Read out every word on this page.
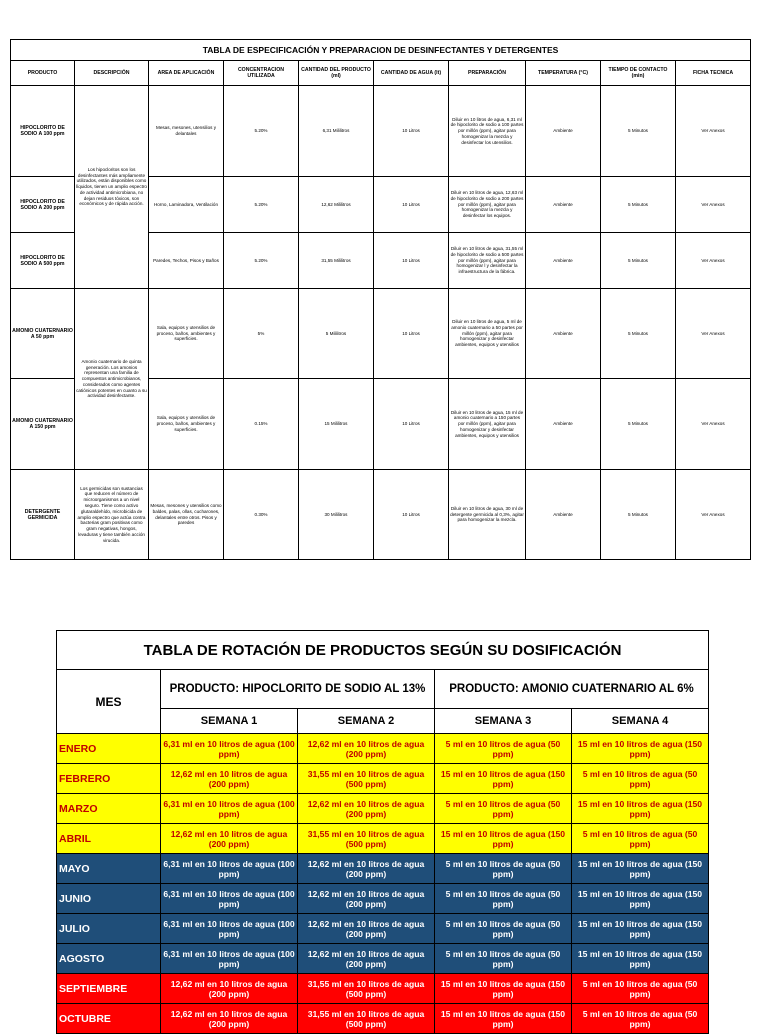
TABLA DE ESPECIFICACIÓN Y PREPARACION DE DESINFECTANTES Y DETERGENTES									
PRODUCTO	DESCRIPCIÓN	AREA DE APLICACIÓN	CONCENTRACION UTILIZADA	CANTIDAD DEL PRODUCTO (ml)	CANTIDAD DE AGUA (lt)	PREPARACIÓN	TEMPERATURA (°C)	TIEMPO DE CONTACTO (min)	FICHA TECNICA
HIPOCLORITO DE SODIO A 100 ppm	Los hipocloritos son los desinfectantes más ampliamente utilizados, están disponibles como líquidos, tienen un amplio espectro de actividad antimicrobiana, no dejan residuos tóxicos, son económicos y de rápida acción.	Mesas, mesones, utensilios y delantales	5.20%	6,31 Mililitros	10 Litros	Diluir en 10 litros de agua, 6,31 ml de hipoclorito de sodio a 100 partes por millón (ppm), agitar para homogenizar la mezcla y desinfectar los utensilios.	Ambiente	5 Minutos	Ver Anexos
HIPOCLORITO DE SODIO A 200 ppm		Horno, Laminadora, Ventilación	5.20%	12,62 Mililitros	10 Litros	Diluir en 10 litros de agua, 12,63 ml de hipoclorito de sodio a 200 partes por millón (ppm), agitar para homogenizar la mezcla y desinfectar los equipos.	Ambiente	5 Minutos	Ver Anexos
HIPOCLORITO DE SODIO A 500 ppm		Paredes, Techos, Pisos y Baños	5.20%	31,55 Mililitros	10 Litros	Diluir en 10 litros de agua, 31,55 ml de hipoclorito de sodio a 500 partes por millón (ppm), agitar para homogenizar l y desinfectar la infraestructura de la fábrica.	Ambiente	5 Minutos	Ver Anexos
AMONIO CUATERNARIO A 50 ppm	Amonio cuaternario de quinta generación. Los amonios representan una familia de compuestos antimicrobianos, considerados como agentes catiónicos potentes en cuanto a su actividad desinfectante.	Sala, equipos y utensilios de proceso, baños, ambientes y superficies.	5%	5 Mililitros	10 Litros	Diluir en 10 litros de agua, 5 ml de amonio cuaternario a 50 partes por millón (ppm), agitar para homogenizar y desinfectar ambientes, equipos y utensilios	Ambiente	5 Minutos	Ver Anexos
AMONIO CUATERNARIO A 150 ppm		Sala, equipos y utensilios de proceso, baños, ambientes y superficies.	0.15%	15 Mililitros	10 Litros	Diluir en 10 litros de agua, 15 ml de amonio cuaternario a 150 partes por millón (ppm), agitar para homogenizar y desinfectar ambientes, equipos y utensilios	Ambiente	5 Minutos	Ver Anexos
DETERGENTE GERMICIDA	Los germicidas son sustancias que reducen el número de microorganismos a un nivel seguro. Tiene como activo glutaraldehído, microbicida de amplio espectro que actúa contra bacterias gram positivas como gram negativas, hongos, levaduras y tiene también acción virucida.	Mesas, mesones y utensilios como baldes, palas, ollas, cucharones, delantales entre otros. Pisos y paredes	0.30%	30 Mililitros	10 Litros	Diluir en 10 litros de agua, 30 ml de detergente germicida al 0,3%, agitar para homogenizar la mezcla.	Ambiente	5 Minutos	Ver Anexos
TABLA DE ROTACIÓN DE PRODUCTOS SEGÚN SU DOSIFICACIÓN				
MES	PRODUCTO: HIPOCLORITO DE SODIO AL 13%		PRODUCTO: AMONIO CUATERNARIO AL 6%	
	SEMANA 1	SEMANA 2	SEMANA 3	SEMANA 4
ENERO	6,31 ml en 10 litros de agua (100 ppm)	12,62 ml en 10 litros de agua (200 ppm)	5 ml en 10 litros de agua (50 ppm)	15 ml en 10 litros de agua (150 ppm)
FEBRERO	12,62 ml en 10 litros de agua (200 ppm)	31,55 ml en 10 litros de agua (500 ppm)	15 ml en 10 litros de agua (150 ppm)	5 ml en 10 litros de agua (50 ppm)
MARZO	6,31 ml en 10 litros de agua (100 ppm)	12,62 ml en 10 litros de agua (200 ppm)	5 ml en 10 litros de agua (50 ppm)	15 ml en 10 litros de agua (150 ppm)
ABRIL	12,62 ml en 10 litros de agua (200 ppm)	31,55 ml en 10 litros de agua (500 ppm)	15 ml en 10 litros de agua (150 ppm)	5 ml en 10 litros de agua (50 ppm)
MAYO	6,31 ml en 10 litros de agua (100 ppm)	12,62 ml en 10 litros de agua (200 ppm)	5 ml en 10 litros de agua (50 ppm)	15 ml en 10 litros de agua (150 ppm)
JUNIO	6,31 ml en 10 litros de agua (100 ppm)	12,62 ml en 10 litros de agua (200 ppm)	5 ml en 10 litros de agua (50 ppm)	15 ml en 10 litros de agua (150 ppm)
JULIO	6,31 ml en 10 litros de agua (100 ppm)	12,62 ml en 10 litros de agua (200 ppm)	5 ml en 10 litros de agua (50 ppm)	15 ml en 10 litros de agua (150 ppm)
AGOSTO	6,31 ml en 10 litros de agua (100 ppm)	12,62 ml en 10 litros de agua (200 ppm)	5 ml en 10 litros de agua (50 ppm)	15 ml en 10 litros de agua (150 ppm)
SEPTIEMBRE	12,62 ml en 10 litros de agua (200 ppm)	31,55 ml en 10 litros de agua (500 ppm)	15 ml en 10 litros de agua (150 ppm)	5 ml en 10 litros de agua (50 ppm)
OCTUBRE	12,62 ml en 10 litros de agua (200 ppm)	31,55 ml en 10 litros de agua (500 ppm)	15 ml en 10 litros de agua (150 ppm)	5 ml en 10 litros de agua (50 ppm)
